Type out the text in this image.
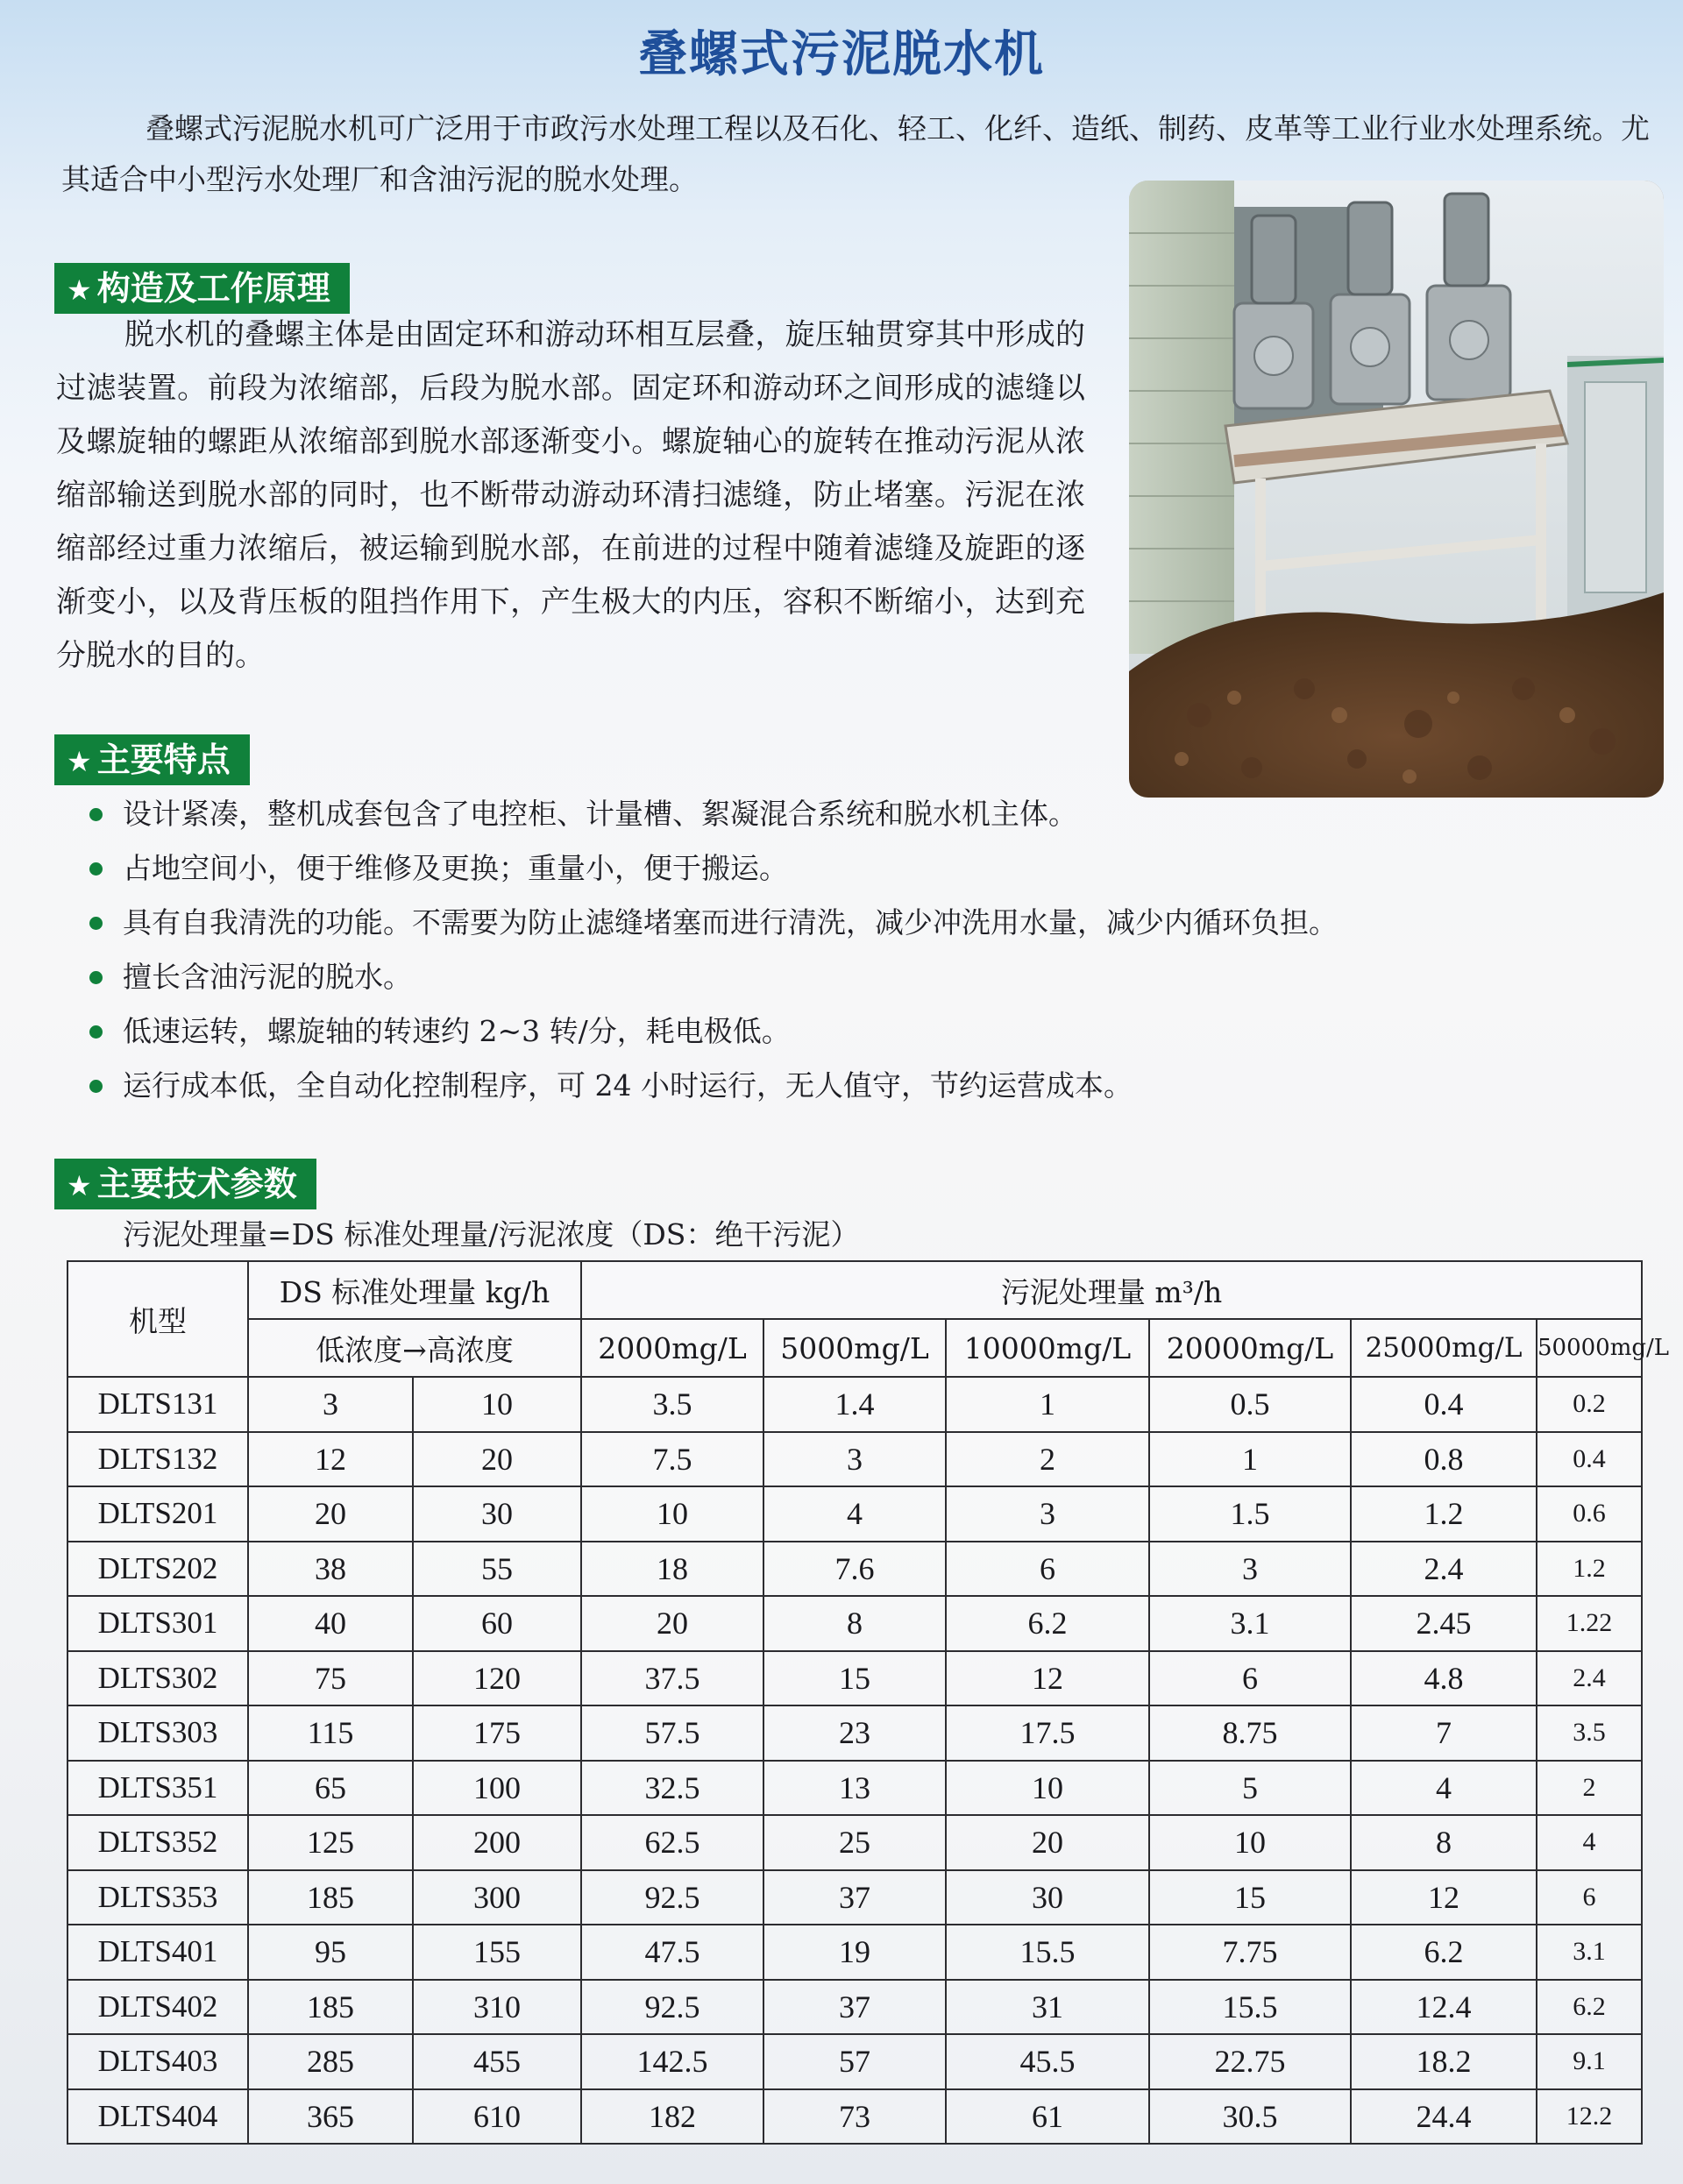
叠螺式污泥脱水机

叠螺式污泥脱水机可广泛用于市政污水处理工程以及石化、轻工、化纤、造纸、制药、皮革等工业行业水处理系统。尤其适合中小型污水处理厂和含油污泥的脱水处理。

★ 构造及工作原理

脱水机的叠螺主体是由固定环和游动环相互层叠，旋压轴贯穿其中形成的过滤装置。前段为浓缩部，后段为脱水部。固定环和游动环之间形成的滤缝以及螺旋轴的螺距从浓缩部到脱水部逐渐变小。螺旋轴心的旋转在推动污泥从浓缩部输送到脱水部的同时，也不断带动游动环清扫滤缝，防止堵塞。污泥在浓缩部经过重力浓缩后，被运输到脱水部，在前进的过程中随着滤缝及旋距的逐渐变小，以及背压板的阻挡作用下，产生极大的内压，容积不断缩小，达到充分脱水的目的。

★ 主要特点
设计紧凑，整机成套包含了电控柜、计量槽、絮凝混合系统和脱水机主体。
占地空间小，便于维修及更换；重量小，便于搬运。
具有自我清洗的功能。不需要为防止滤缝堵塞而进行清洗，减少冲洗用水量，减少内循环负担。
擅长含油污泥的脱水。
低速运转，螺旋轴的转速约 2~3 转/分，耗电极低。
运行成本低，全自动化控制程序，可 24 小时运行，无人值守，节约运营成本。
★ 主要技术参数

污泥处理量=DS 标准处理量/污泥浓度（DS：绝干污泥）

机型	DS 标准处理量 kg/h		污泥处理量 m³/h					
	低浓度→高浓度		2000mg/L	5000mg/L	10000mg/L	20000mg/L	25000mg/L	50000mg/L
DLTS131	3	10	3.5	1.4	1	0.5	0.4	0.2
DLTS132	12	20	7.5	3	2	1	0.8	0.4
DLTS201	20	30	10	4	3	1.5	1.2	0.6
DLTS202	38	55	18	7.6	6	3	2.4	1.2
DLTS301	40	60	20	8	6.2	3.1	2.45	1.22
DLTS302	75	120	37.5	15	12	6	4.8	2.4
DLTS303	115	175	57.5	23	17.5	8.75	7	3.5
DLTS351	65	100	32.5	13	10	5	4	2
DLTS352	125	200	62.5	25	20	10	8	4
DLTS353	185	300	92.5	37	30	15	12	6
DLTS401	95	155	47.5	19	15.5	7.75	6.2	3.1
DLTS402	185	310	92.5	37	31	15.5	12.4	6.2
DLTS403	285	455	142.5	57	45.5	22.75	18.2	9.1
DLTS404	365	610	182	73	61	30.5	24.4	12.2
